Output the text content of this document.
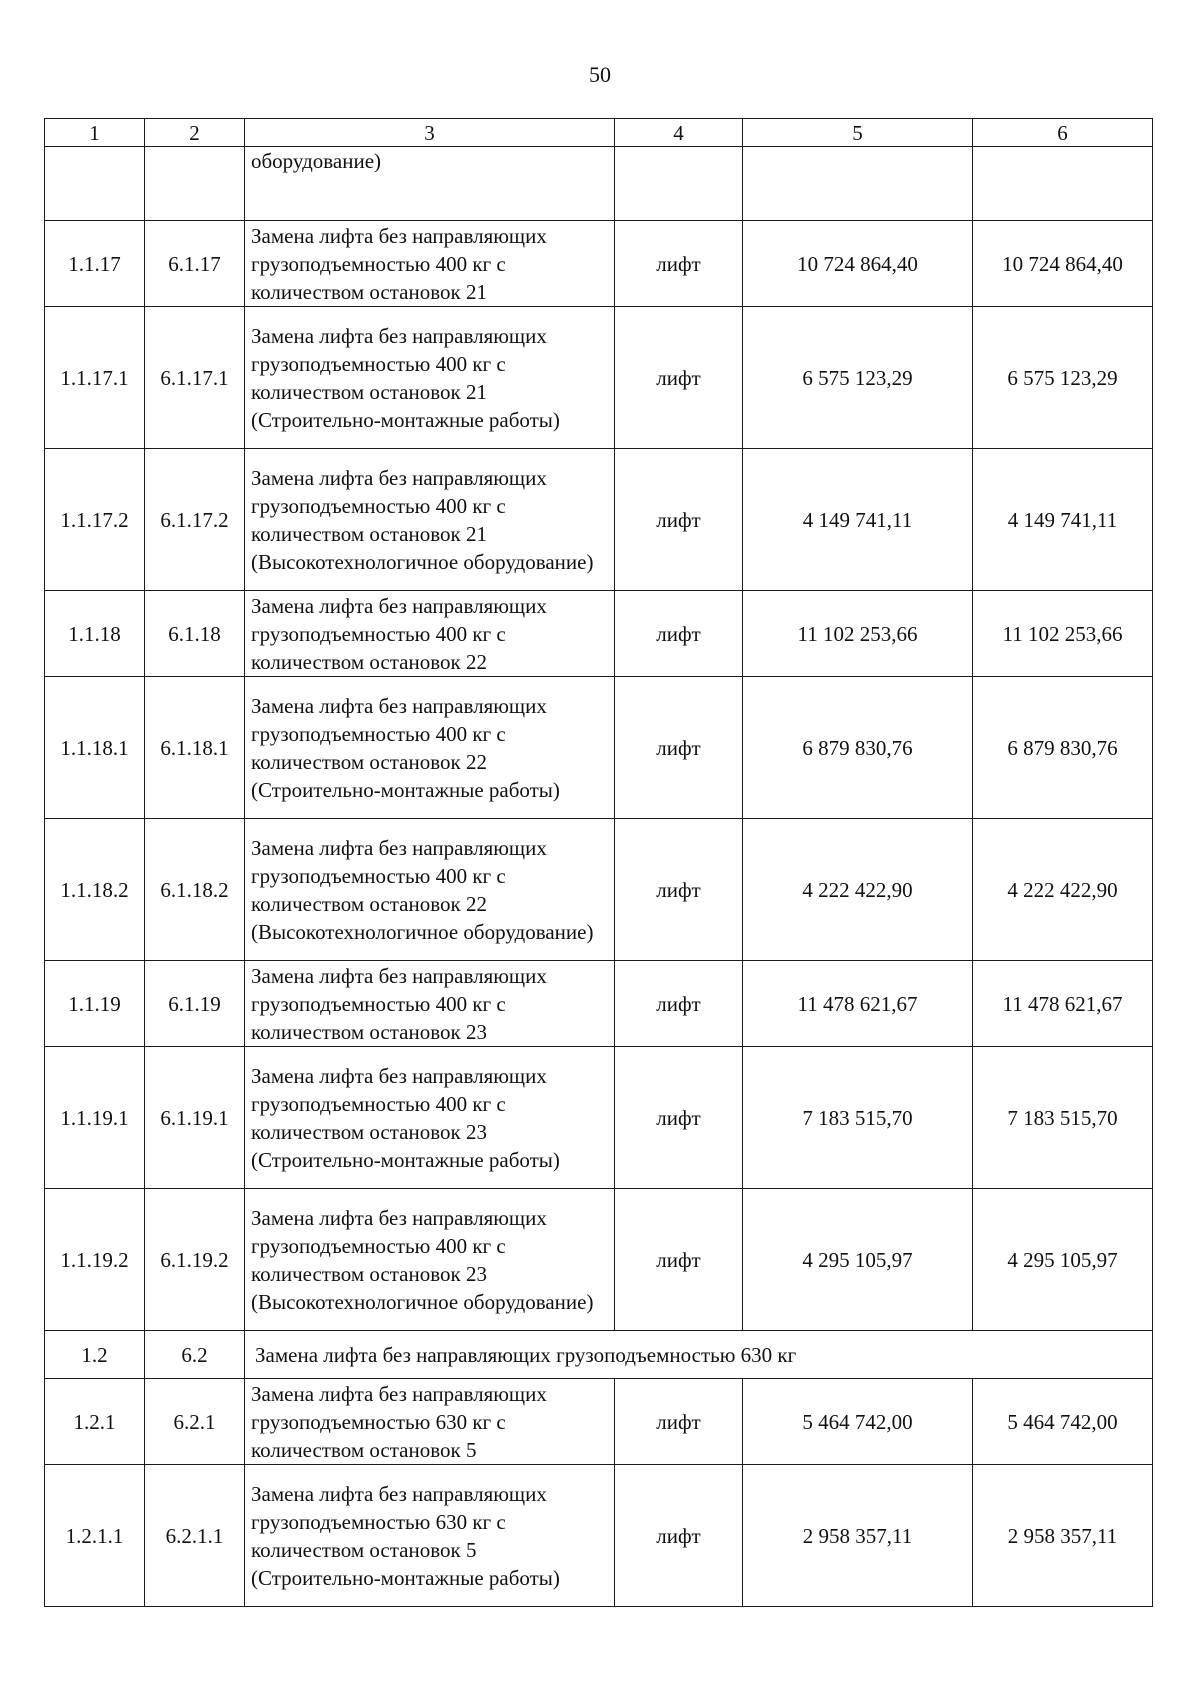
50
1	2	3	4	5	6
		оборудование)			
1.1.17	6.1.17	Замена лифта без направляющих грузоподъемностью 400 кг с количеством остановок 21	лифт	10 724 864,40	10 724 864,40
1.1.17.1	6.1.17.1	Замена лифта без направляющих грузоподъемностью 400 кг с количеством остановок 21 (Строительно-монтажные работы)	лифт	6 575 123,29	6 575 123,29
1.1.17.2	6.1.17.2	Замена лифта без направляющих грузоподъемностью 400 кг с количеством остановок 21 (Высокотехнологичное оборудование)	лифт	4 149 741,11	4 149 741,11
1.1.18	6.1.18	Замена лифта без направляющих грузоподъемностью 400 кг с количеством остановок 22	лифт	11 102 253,66	11 102 253,66
1.1.18.1	6.1.18.1	Замена лифта без направляющих грузоподъемностью 400 кг с количеством остановок 22 (Строительно-монтажные работы)	лифт	6 879 830,76	6 879 830,76
1.1.18.2	6.1.18.2	Замена лифта без направляющих грузоподъемностью 400 кг с количеством остановок 22 (Высокотехнологичное оборудование)	лифт	4 222 422,90	4 222 422,90
1.1.19	6.1.19	Замена лифта без направляющих грузоподъемностью 400 кг с количеством остановок 23	лифт	11 478 621,67	11 478 621,67
1.1.19.1	6.1.19.1	Замена лифта без направляющих грузоподъемностью 400 кг с количеством остановок 23 (Строительно-монтажные работы)	лифт	7 183 515,70	7 183 515,70
1.1.19.2	6.1.19.2	Замена лифта без направляющих грузоподъемностью 400 кг с количеством остановок 23 (Высокотехнологичное оборудование)	лифт	4 295 105,97	4 295 105,97
1.2	6.2	Замена лифта без направляющих грузоподъемностью 630 кг			
1.2.1	6.2.1	Замена лифта без направляющих грузоподъемностью 630 кг с количеством остановок 5	лифт	5 464 742,00	5 464 742,00
1.2.1.1	6.2.1.1	Замена лифта без направляющих грузоподъемностью 630 кг с количеством остановок 5 (Строительно-монтажные работы)	лифт	2 958 357,11	2 958 357,11
